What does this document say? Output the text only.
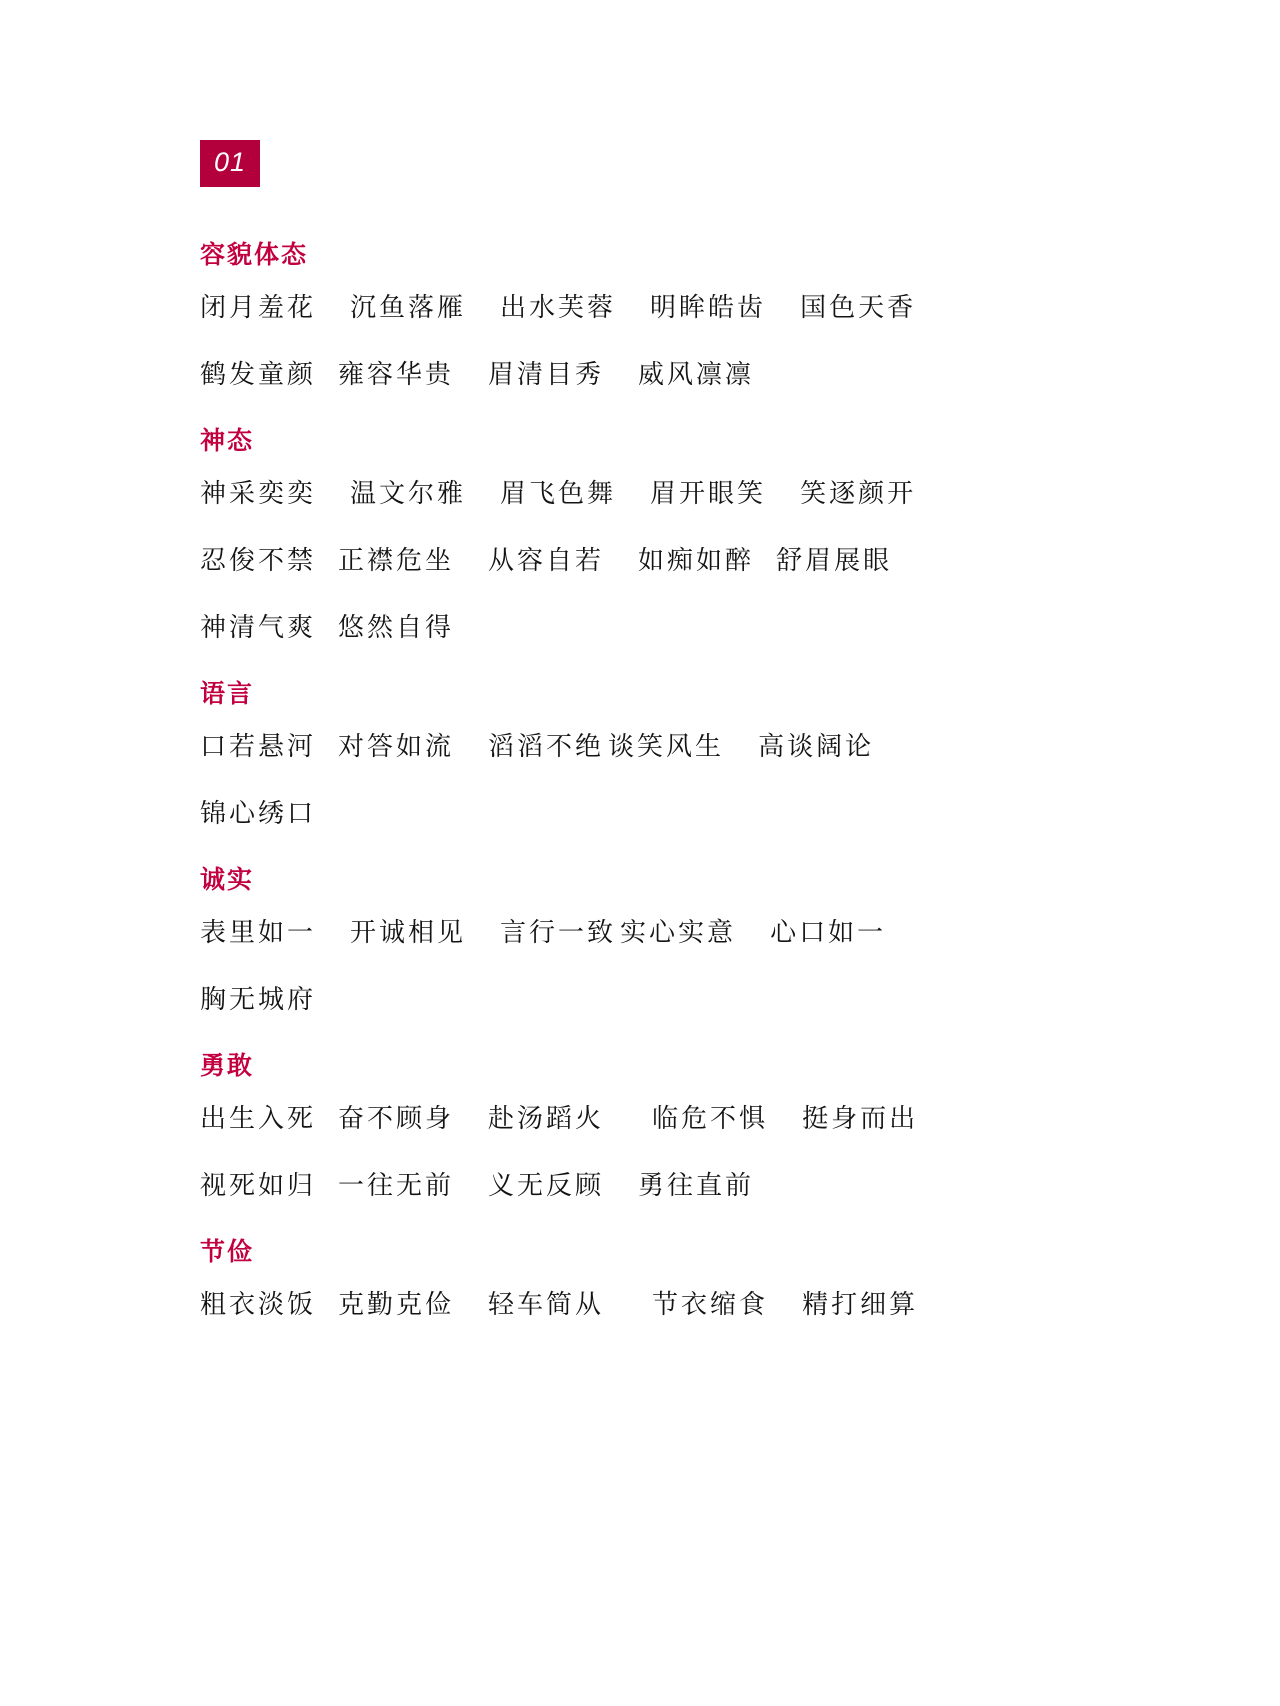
01
容貌体态
闭月羞花 沉鱼落雁 出水芙蓉 明眸皓齿 国色天香
鹤发童颜 雍容华贵 眉清目秀 威风凛凛
神态
神采奕奕 温文尔雅 眉飞色舞 眉开眼笑 笑逐颜开
忍俊不禁 正襟危坐 从容自若 如痴如醉 舒眉展眼
神清气爽 悠然自得
语言
口若悬河 对答如流 滔滔不绝 谈笑风生 高谈阔论
锦心绣口
诚实
表里如一 开诚相见 言行一致 实心实意 心口如一
胸无城府
勇敢
出生入死 奋不顾身 赴汤蹈火 临危不惧 挺身而出
视死如归 一往无前 义无反顾 勇往直前
节俭
粗衣淡饭 克勤克俭 轻车简从 节衣缩食 精打细算
